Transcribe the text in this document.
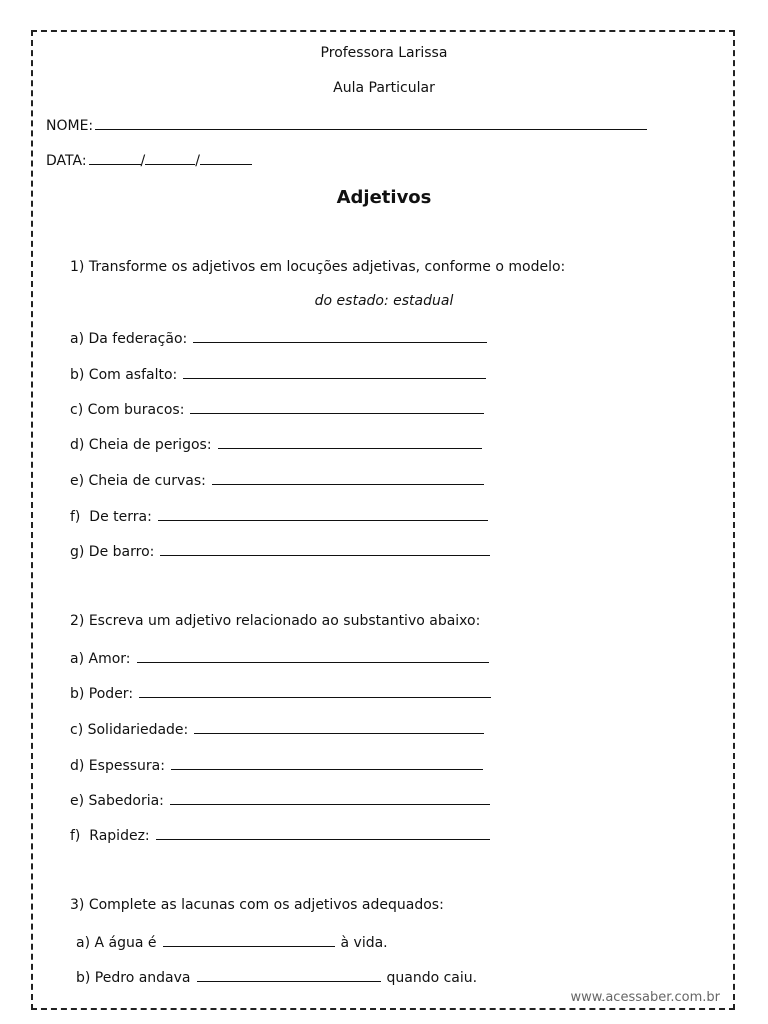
Professora Larissa
Aula Particular
NOME:
DATA:	/	/
Adjetivos
1) Transforme os adjetivos em locuções adjetivas, conforme o modelo:
do estado: estadual
a) Da federação:
b) Com asfalto:
c) Com buracos:
d) Cheia de perigos:
e) Cheia de curvas:
f)  De terra:
g) De barro:
2) Escreva um adjetivo relacionado ao substantivo abaixo:
a) Amor:
b) Poder:
c) Solidariedade:
d) Espessura:
e) Sabedoria:
f)  Rapidez:
3) Complete as lacunas com os adjetivos adequados:
a) A água é	à vida.
b) Pedro andava	quando caiu.
www.acessaber.com.br
